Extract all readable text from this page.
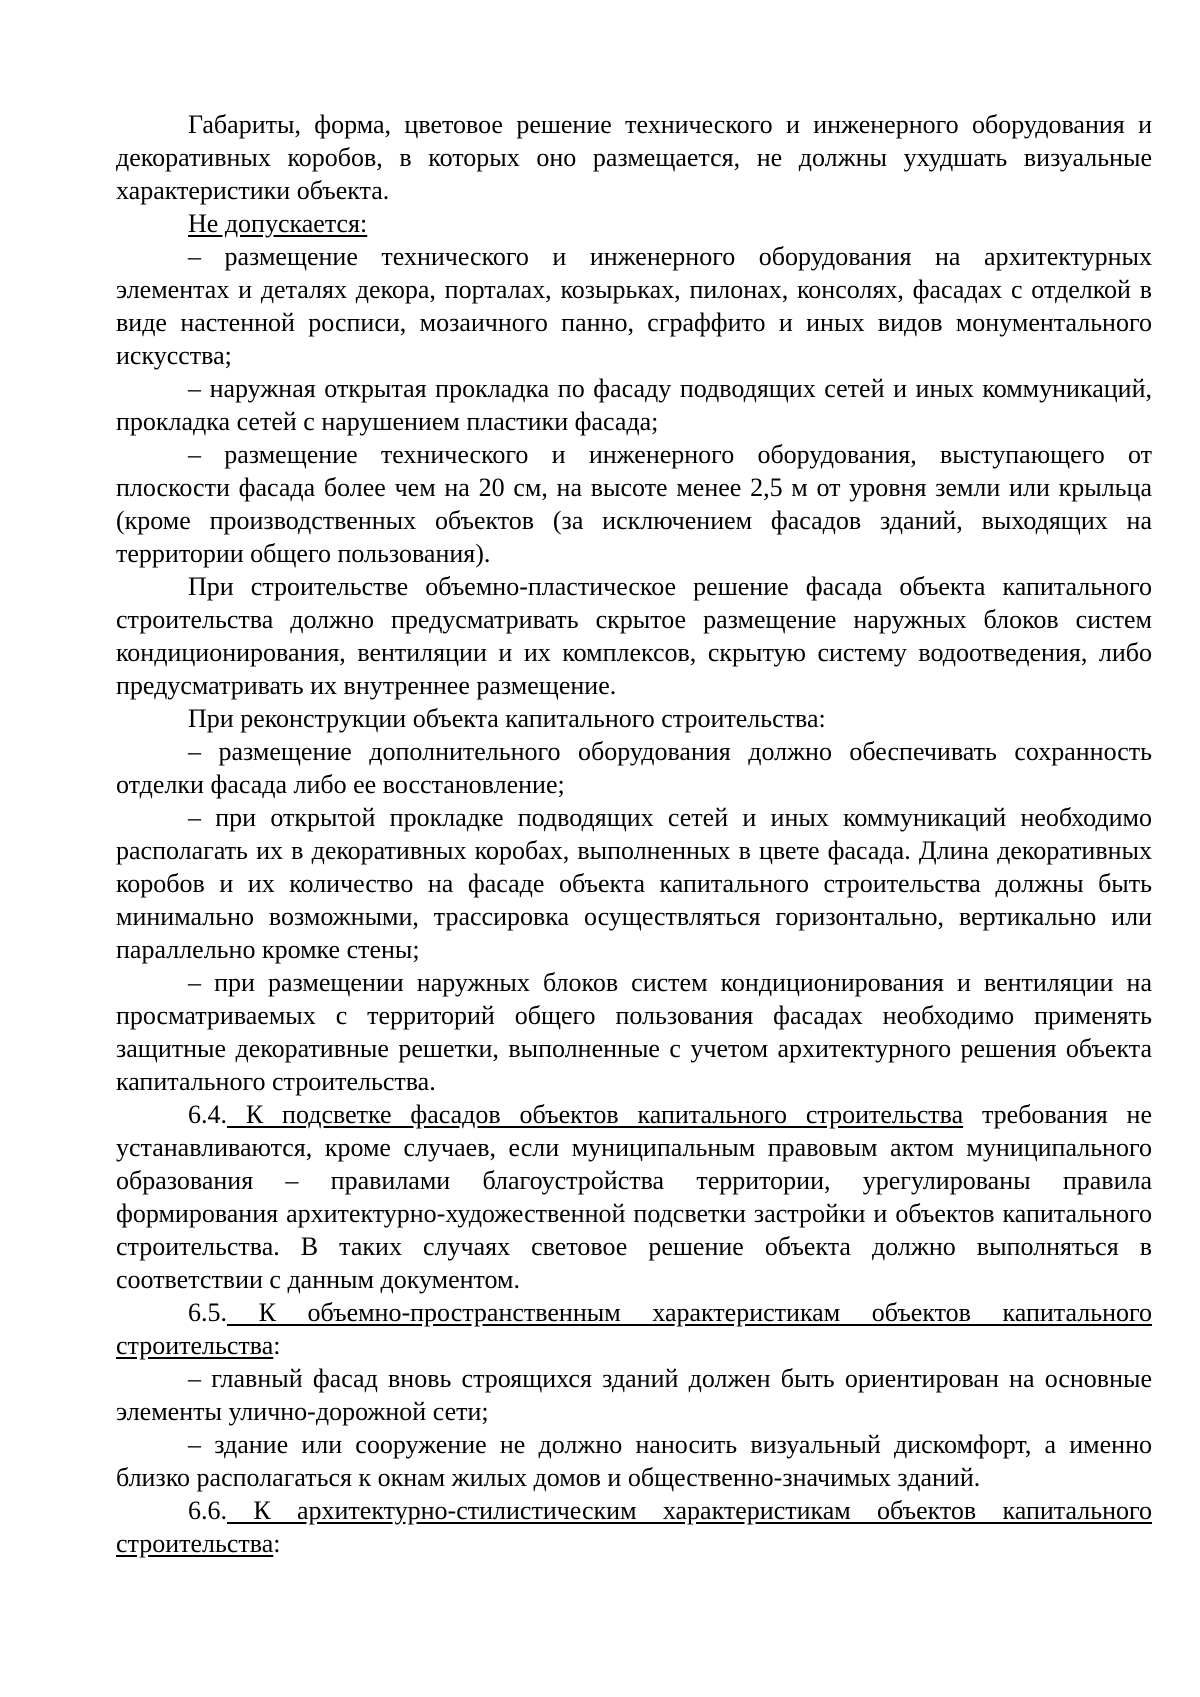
Габариты, форма, цветовое решение технического и инженерного оборудования и декоративных коробов, в которых оно размещается, не должны ухудшать визуальные характеристики объекта.

Не допускается:

– размещение технического и инженерного оборудования на архитектурных элементах и деталях декора, порталах, козырьках, пилонах, консолях, фасадах с отделкой в виде настенной росписи, мозаичного панно, сграффито и иных видов монументального искусства;

– наружная открытая прокладка по фасаду подводящих сетей и иных коммуникаций, прокладка сетей с нарушением пластики фасада;

– размещение технического и инженерного оборудования, выступающего от плоскости фасада более чем на 20 см, на высоте менее 2,5 м от уровня земли или крыльца (кроме производственных объектов (за исключением фасадов зданий, выходящих на территории общего пользования).

При строительстве объемно-пластическое решение фасада объекта капитального строительства должно предусматривать скрытое размещение наружных блоков систем кондиционирования, вентиляции и их комплексов, скрытую систему водоотведения, либо предусматривать их внутреннее размещение.

При реконструкции объекта капитального строительства:

– размещение дополнительного оборудования должно обеспечивать сохранность отделки фасада либо ее восстановление;

– при открытой прокладке подводящих сетей и иных коммуникаций необходимо располагать их в декоративных коробах, выполненных в цвете фасада. Длина декоративных коробов и их количество на фасаде объекта капитального строительства должны быть минимально возможными, трассировка осуществляться горизонтально, вертикально или параллельно кромке стены;

– при размещении наружных блоков систем кондиционирования и вентиляции на просматриваемых с территорий общего пользования фасадах необходимо применять защитные декоративные решетки, выполненные с учетом архитектурного решения объекта капитального строительства.

6.4. К подсветке фасадов объектов капитального строительства требования не устанавливаются, кроме случаев, если муниципальным правовым актом муниципального образования – правилами благоустройства территории, урегулированы правила формирования архитектурно-художественной подсветки застройки и объектов капитального строительства. В таких случаях световое решение объекта должно выполняться в соответствии с данным документом.

6.5. К объемно-пространственным характеристикам объектов капитального строительства:

– главный фасад вновь строящихся зданий должен быть ориентирован на основные элементы улично-дорожной сети;

– здание или сооружение не должно наносить визуальный дискомфорт, а именно близко располагаться к окнам жилых домов и общественно-значимых зданий.

6.6. К архитектурно-стилистическим характеристикам объектов капитального строительства:
